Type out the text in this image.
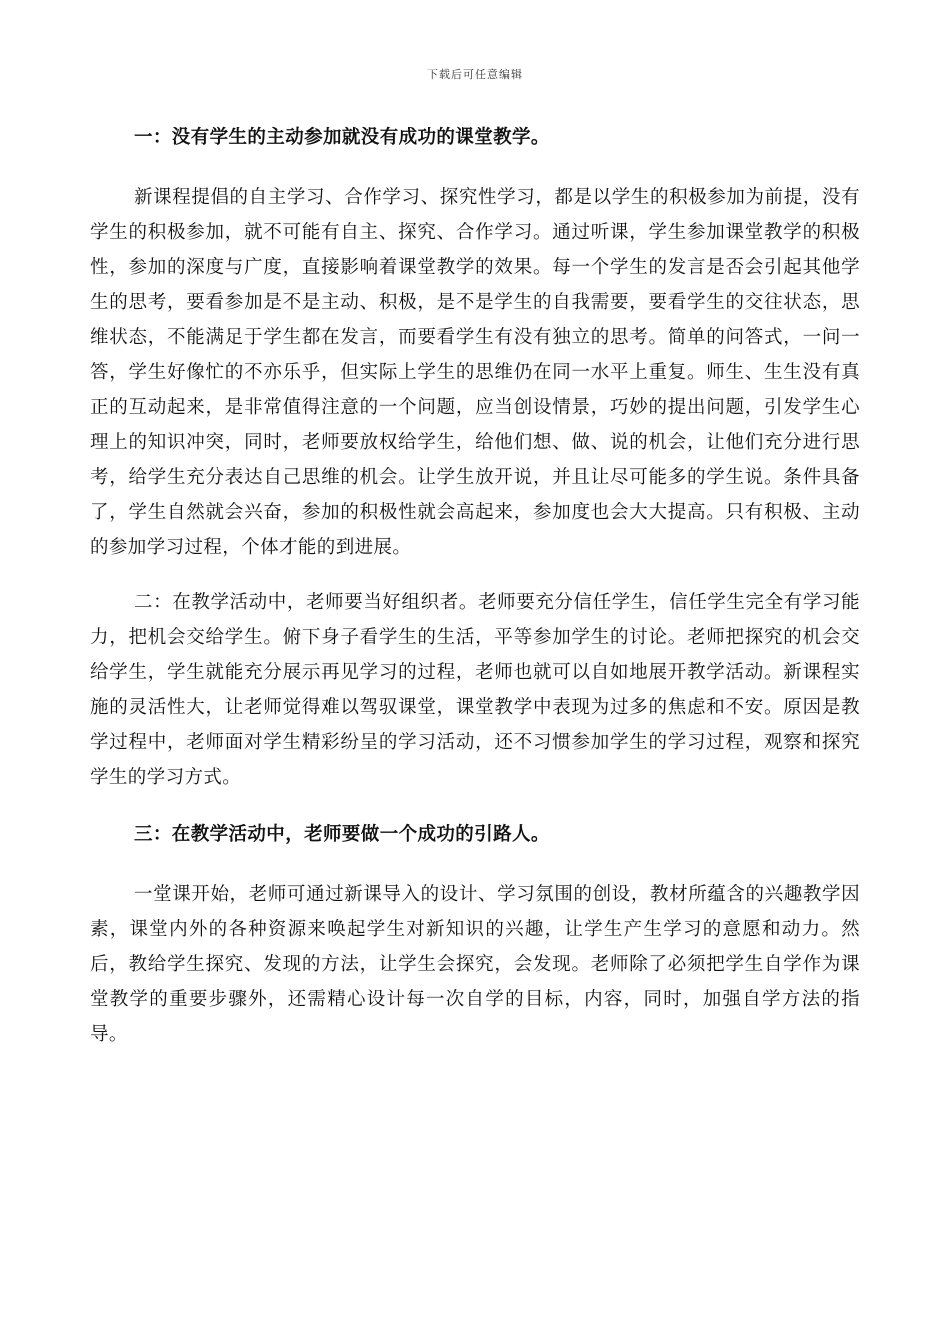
下载后可任意编辑

一：没有学生的主动参加就没有成功的课堂教学。

新课程提倡的自主学习、合作学习、探究性学习，都是以学生的积极参加为前提，没有学生的积极参加，就不可能有自主、探究、合作学习。通过听课，学生参加课堂教学的积极性，参加的深度与广度，直接影响着课堂教学的效果。每一个学生的发言是否会引起其他学生的思考，要看参加是不是主动、积极，是不是学生的自我需要，要看学生的交往状态，思维状态，不能满足于学生都在发言，而要看学生有没有独立的思考。简单的问答式，一问一答，学生好像忙的不亦乐乎，但实际上学生的思维仍在同一水平上重复。师生、生生没有真正的互动起来，是非常值得注意的一个问题，应当创设情景，巧妙的提出问题，引发学生心理上的知识冲突，同时，老师要放权给学生，给他们想、做、说的机会，让他们充分进行思考，给学生充分表达自己思维的机会。让学生放开说，并且让尽可能多的学生说。条件具备了，学生自然就会兴奋，参加的积极性就会高起来，参加度也会大大提高。只有积极、主动的参加学习过程，个体才能的到进展。

二：在教学活动中，老师要当好组织者。老师要充分信任学生，信任学生完全有学习能力，把机会交给学生。俯下身子看学生的生活，平等参加学生的讨论。老师把探究的机会交给学生，学生就能充分展示再见学习的过程，老师也就可以自如地展开教学活动。新课程实施的灵活性大，让老师觉得难以驾驭课堂，课堂教学中表现为过多的焦虑和不安。原因是教学过程中，老师面对学生精彩纷呈的学习活动，还不习惯参加学生的学习过程，观察和探究学生的学习方式。

三：在教学活动中，老师要做一个成功的引路人。

一堂课开始，老师可通过新课导入的设计、学习氛围的创设，教材所蕴含的兴趣教学因素，课堂内外的各种资源来唤起学生对新知识的兴趣，让学生产生学习的意愿和动力。然后，教给学生探究、发现的方法，让学生会探究，会发现。老师除了必须把学生自学作为课堂教学的重要步骤外，还需精心设计每一次自学的目标，内容，同时，加强自学方法的指导。
